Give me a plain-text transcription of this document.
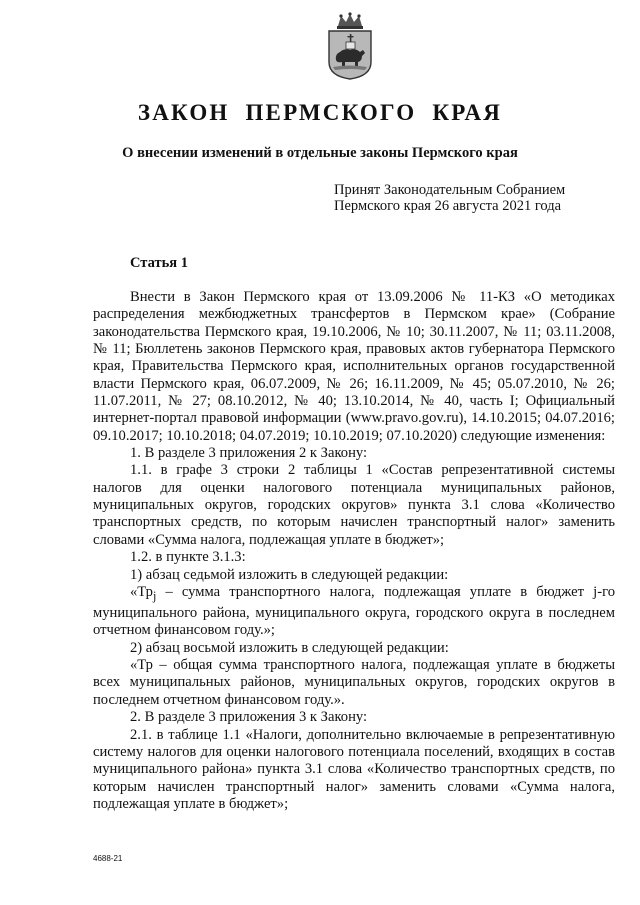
ЗАКОН ПЕРМСКОГО КРАЯ
О внесении изменений в отдельные законы Пермского края
Принят Законодательным Собранием
Пермского края 26 августа 2021 года
Статья 1

Внести в Закон Пермского края от 13.09.2006 № 11-КЗ «О методиках распределения межбюджетных трансфертов в Пермском крае» (Собрание законодательства Пермского края, 19.10.2006, № 10; 30.11.2007, № 11; 03.11.2008, № 11; Бюллетень законов Пермского края, правовых актов губернатора Пермского края, Правительства Пермского края, исполнительных органов государственной власти Пермского края, 06.07.2009, № 26; 16.11.2009, № 45; 05.07.2010, № 26; 11.07.2011, № 27; 08.10.2012, № 40; 13.10.2014, № 40, часть I; Официальный интернет-портал правовой информации (www.pravo.gov.ru), 14.10.2015; 04.07.2016; 09.10.2017; 10.10.2018; 04.07.2019; 10.10.2019; 07.10.2020) следующие изменения:

1. В разделе 3 приложения 2 к Закону:

1.1. в графе 3 строки 2 таблицы 1 «Состав репрезентативной системы налогов для оценки налогового потенциала муниципальных районов, муниципальных округов, городских округов» пункта 3.1 слова «Количество транспортных средств, по которым начислен транспортный налог» заменить словами «Сумма налога, подлежащая уплате в бюджет»;

1.2. в пункте 3.1.3:

1) абзац седьмой изложить в следующей редакции:

«$Тр_j$ – сумма транспортного налога, подлежащая уплате в бюджет j-го муниципального района, муниципального округа, городского округа в последнем отчетном финансовом году.»;

2) абзац восьмой изложить в следующей редакции:

«Тр – общая сумма транспортного налога, подлежащая уплате в бюджеты всех муниципальных районов, муниципальных округов, городских округов в последнем отчетном финансовом году.».

2. В разделе 3 приложения 3 к Закону:

2.1. в таблице 1.1 «Налоги, дополнительно включаемые в репрезентативную систему налогов для оценки налогового потенциала поселений, входящих в состав муниципального района» пункта 3.1 слова «Количество транспортных средств, по которым начислен транспортный налог» заменить словами «Сумма налога, подлежащая уплате в бюджет»;

4688-21
